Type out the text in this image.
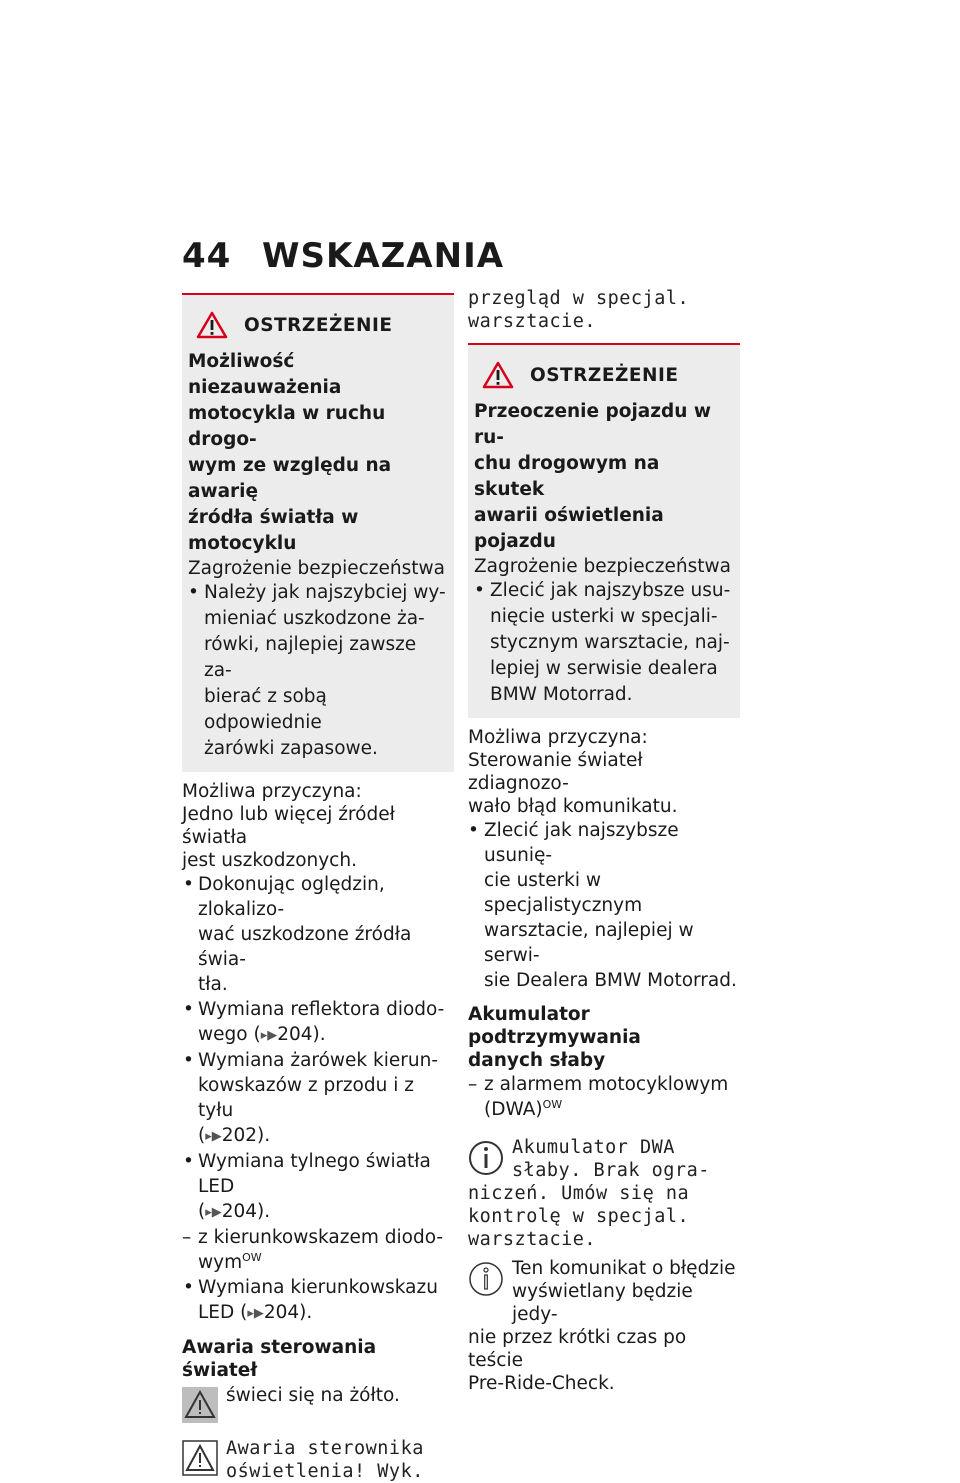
44 WSKAZANIA
OSTRZEŻENIE

Możliwość niezauważenia

motocykla w ruchu drogo-

wym ze względu na awarię

źródła światła w motocyklu

Zagrożenie bezpieczeństwa

• Należy jak najszybciej wy-
mieniać uszkodzone ża-
rówki, najlepiej zawsze za-
bierać z sobą odpowiednie
żarówki zapasowe.

Możliwa przyczyna:

Jedno lub więcej źródeł światła

jest uszkodzonych.

• Dokonując oględzin, zlokalizo-
wać uszkodzone źródła świa-
tła.
• Wymiana reflektora diodo-
wego (▸▶204).
• Wymiana żarówek kierun-
kowskazów z przodu i z tyłu
(▸▶202).
• Wymiana tylnego światła LED
(▸▶204).
– z kierunkowskazem diodo-
wym$^{OW}$
• Wymiana kierunkowskazu
LED (▸▶204).

Awaria sterowania świateł

świeci się na żółto.

Awaria sterownika

oświetlenia! Wyk.

przegląd w specjal.

warsztacie.

OSTRZEŻENIE

Przeoczenie pojazdu w ru-

chu drogowym na skutek

awarii oświetlenia pojazdu

Zagrożenie bezpieczeństwa

• Zlecić jak najszybsze usu-
nięcie usterki w specjali-
stycznym warsztacie, naj-
lepiej w serwisie dealera
BMW Motorrad.

Możliwa przyczyna:

Sterowanie świateł zdiagnozo-

wało błąd komunikatu.

• Zlecić jak najszybsze usunię-
cie usterki w specjalistycznym
warsztacie, najlepiej w serwi-
sie Dealera BMW Motorrad.

Akumulator podtrzymywania

danych słaby

– z alarmem motocyklowym
(DWA)$^{OW}$

Akumulator DWA

słaby. Brak ogra-

niczeń. Umów się na

kontrolę w specjal.

warsztacie.

Ten komunikat o błędzie

wyświetlany będzie jedy-

nie przez krótki czas po teście

Pre-Ride-Check.
